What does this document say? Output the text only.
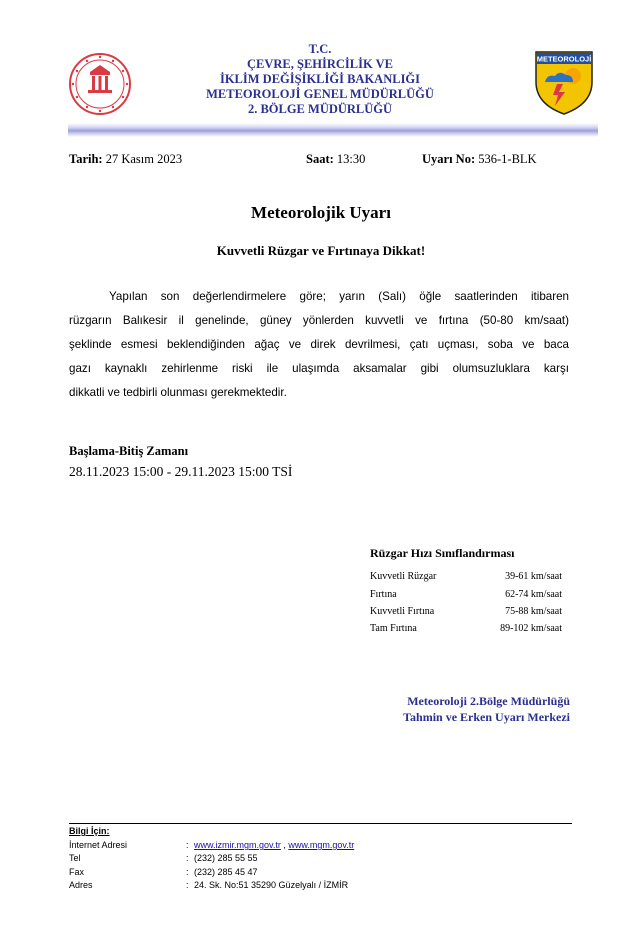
T.C.
ÇEVRE, ŞEHİRCİLİK VE
İKLİM DEĞİŞİKLİĞİ BAKANLIĞI
METEOROLOJİ GENEL MÜDÜRLÜĞÜ
2. BÖLGE MÜDÜRLÜĞÜ
METEOROLOJİ
Tarih: 27 Kasım 2023	Saat: 13:30	Uyarı No: 536-1-BLK
Meteorolojik Uyarı
Kuvvetli Rüzgar ve Fırtınaya Dikkat!
Yapılan son değerlendirmelere göre; yarın (Salı) öğle saatlerinden itibaren
rüzgarın Balıkesir il genelinde, güney yönlerden kuvvetli ve fırtına (50-80 km/saat)
şeklinde esmesi beklendiğinden ağaç ve direk devrilmesi, çatı uçması, soba ve baca
gazı kaynaklı zehirlenme riski ile ulaşımda aksamalar gibi olumsuzluklara karşı
dikkatli ve tedbirli olunması gerekmektedir.
Başlama-Bitiş Zamanı
28.11.2023 15:00 - 29.11.2023 15:00 TSİ
Rüzgar Hızı Sınıflandırması
Kuvvetli Rüzgar	39-61 km/saat
Fırtına	62-74 km/saat
Kuvvetli Fırtına	75-88 km/saat
Tam Fırtına	89-102 km/saat
Meteoroloji 2.Bölge Müdürlüğü
Tahmin ve Erken Uyarı Merkezi
Bilgi İçin:
İnternet Adresi	: www.izmir.mgm.gov.tr , www.mgm.gov.tr
Tel	: (232) 285 55 55
Fax	: (232) 285 45 47
Adres	: 24. Sk. No:51 35290 Güzelyalı / İZMİR
